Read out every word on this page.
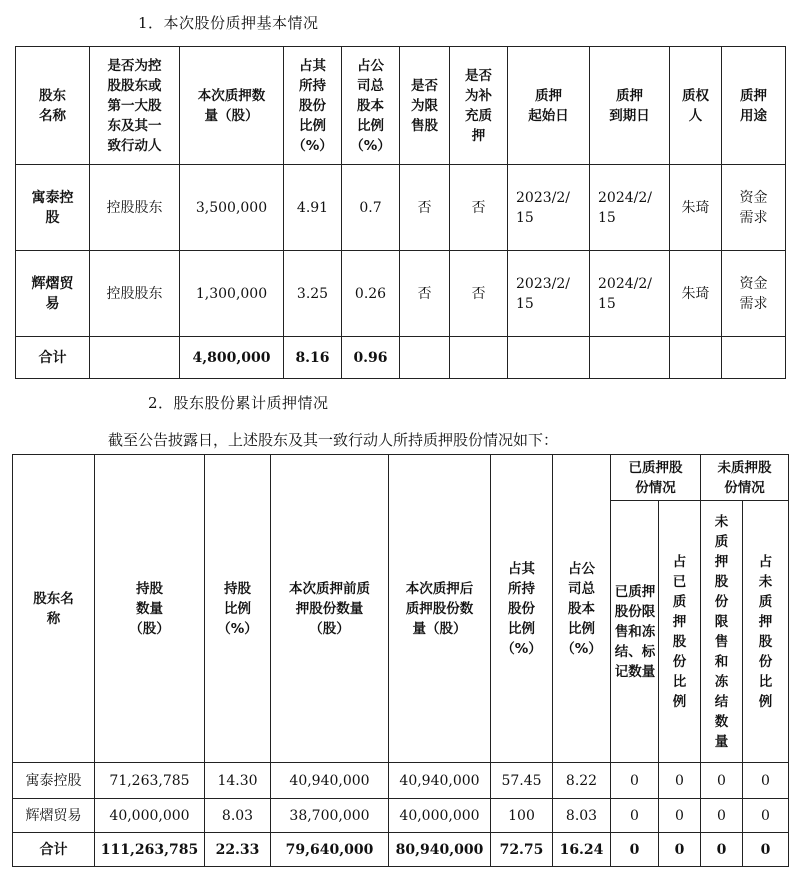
1．本次股份质押基本情况
股东
名称	是否为控
股股东或
第一大股
东及其一
致行动人	本次质押数
量（股）	占其
所持
股份
比例
（%）	占公
司总
股本
比例
（%）	是否
为限
售股	是否
为补
充质
押	质押
起始日	质押
到期日	质权
人	质押
用途
寓泰控
股	控股股东	3,500,000	4.91	0.7	否	否	2023/2/
15	2024/2/
15	朱琦	资金
需求
辉熠贸
易	控股股东	1,300,000	3.25	0.26	否	否	2023/2/
15	2024/2/
15	朱琦	资金
需求
合计		4,800,000	8.16	0.96						
2．股东股份累计质押情况
截至公告披露日，上述股东及其一致行动人所持质押股份情况如下：
股东名
称	持股
数量
（股）	持股
比例
（%）	本次质押前质
押股份数量
（股）	本次质押后
质押股份数
量（股）	占其
所持
股份
比例
（%）	占公
司总
股本
比例
（%）	已质押股
份情况		未质押股
份情况	

							已质押股份限售和冻结、标记数量	占已质押股份比例	未质押股份限售和冻结数量	占未质押股份比例

寓泰控股	71,263,785	14.30	40,940,000	40,940,000	57.45	8.22	0	0	0	0
辉熠贸易	40,000,000	8.03	38,700,000	40,000,000	100	8.03	0	0	0	0
合计	111,263,785	22.33	79,640,000	80,940,000	72.75	16.24	0	0	0	0
